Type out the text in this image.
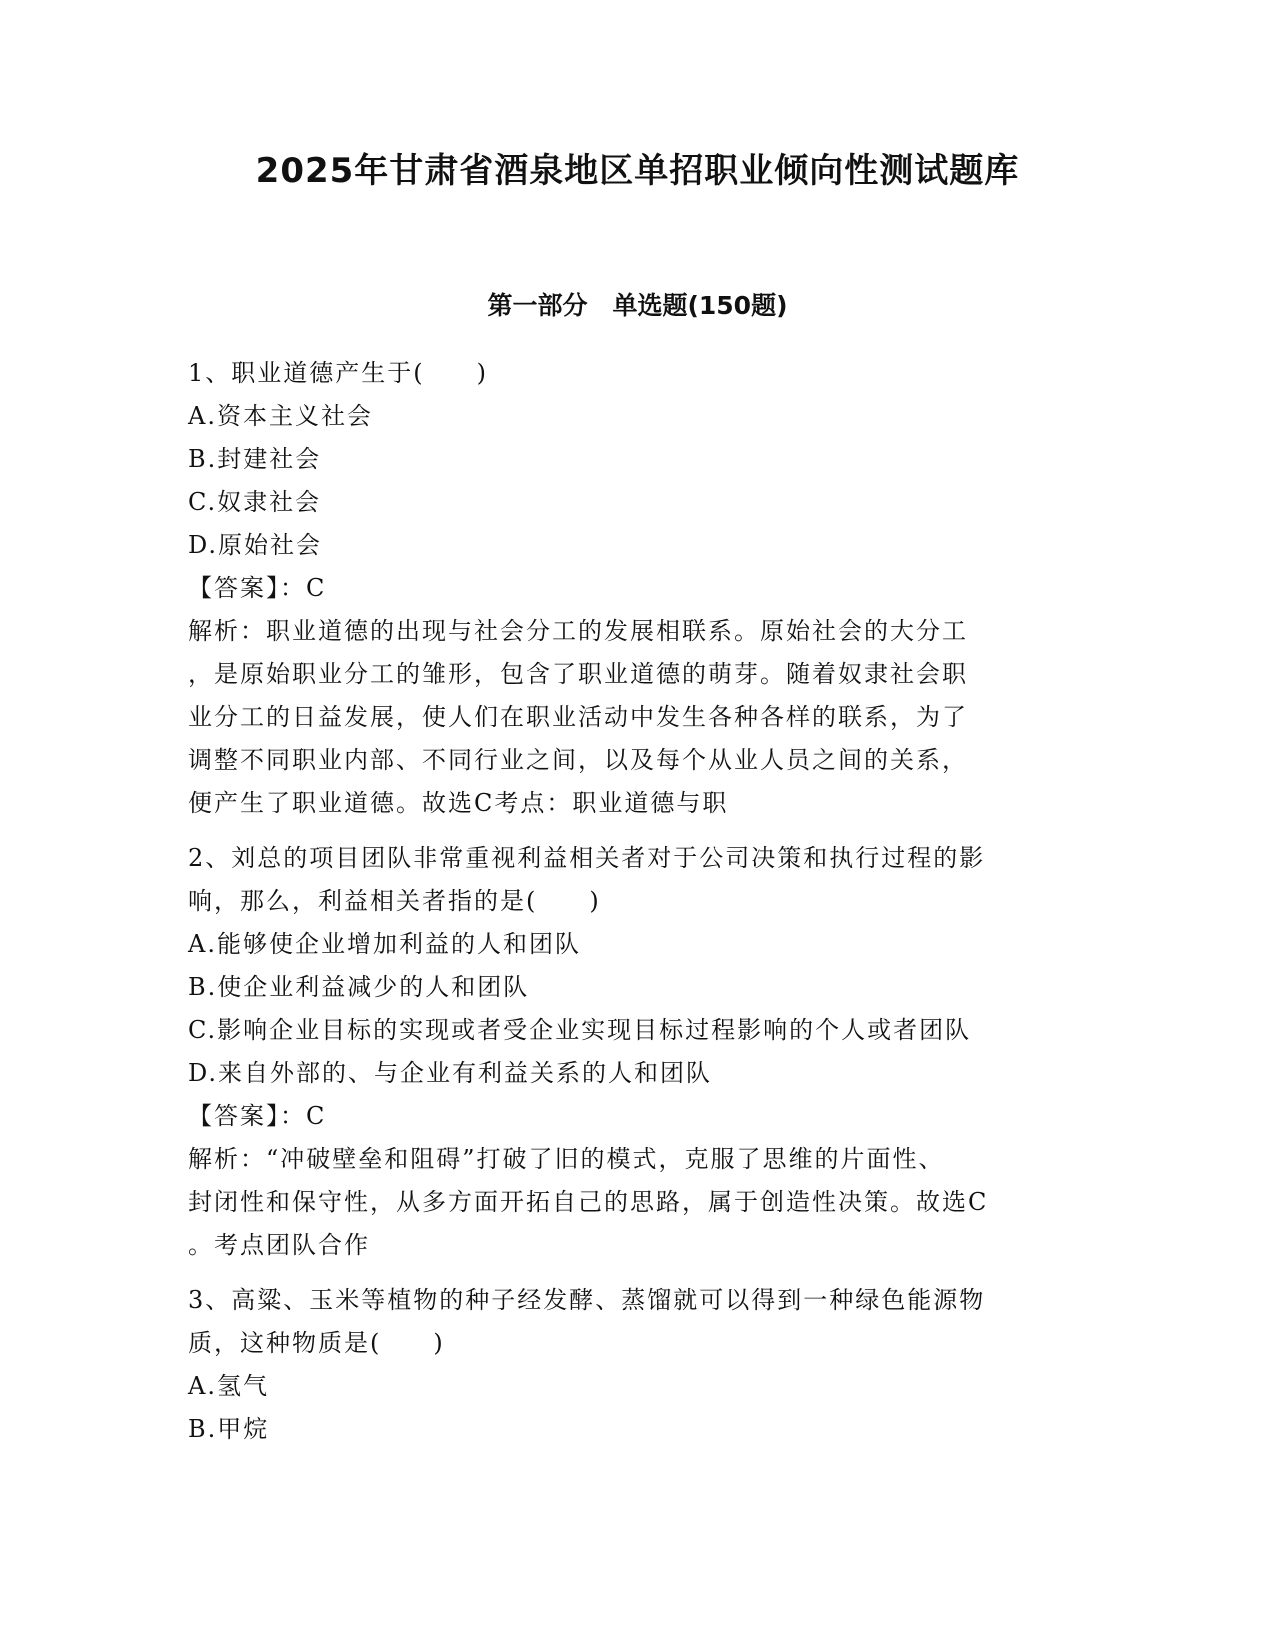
2025年甘肃省酒泉地区单招职业倾向性测试题库
第一部分　单选题(150题)
1、职业道德产生于(　　)
A.资本主义社会
B.封建社会
C.奴隶社会
D.原始社会
【答案】：C
解析：职业道德的出现与社会分工的发展相联系。原始社会的大分工
，是原始职业分工的雏形，包含了职业道德的萌芽。随着奴隶社会职
业分工的日益发展，使人们在职业活动中发生各种各样的联系，为了
调整不同职业内部、不同行业之间，以及每个从业人员之间的关系，
便产生了职业道德。故选C考点：职业道德与职
2、刘总的项目团队非常重视利益相关者对于公司决策和执行过程的影
响，那么，利益相关者指的是(　　)
A.能够使企业增加利益的人和团队
B.使企业利益减少的人和团队
C.影响企业目标的实现或者受企业实现目标过程影响的个人或者团队
D.来自外部的、与企业有利益关系的人和团队
【答案】：C
解析：“冲破壁垒和阻碍”打破了旧的模式，克服了思维的片面性、
封闭性和保守性，从多方面开拓自己的思路，属于创造性决策。故选C
。考点团队合作
3、高粱、玉米等植物的种子经发酵、蒸馏就可以得到一种绿色能源物
质，这种物质是(　　)
A.氢气
B.甲烷
